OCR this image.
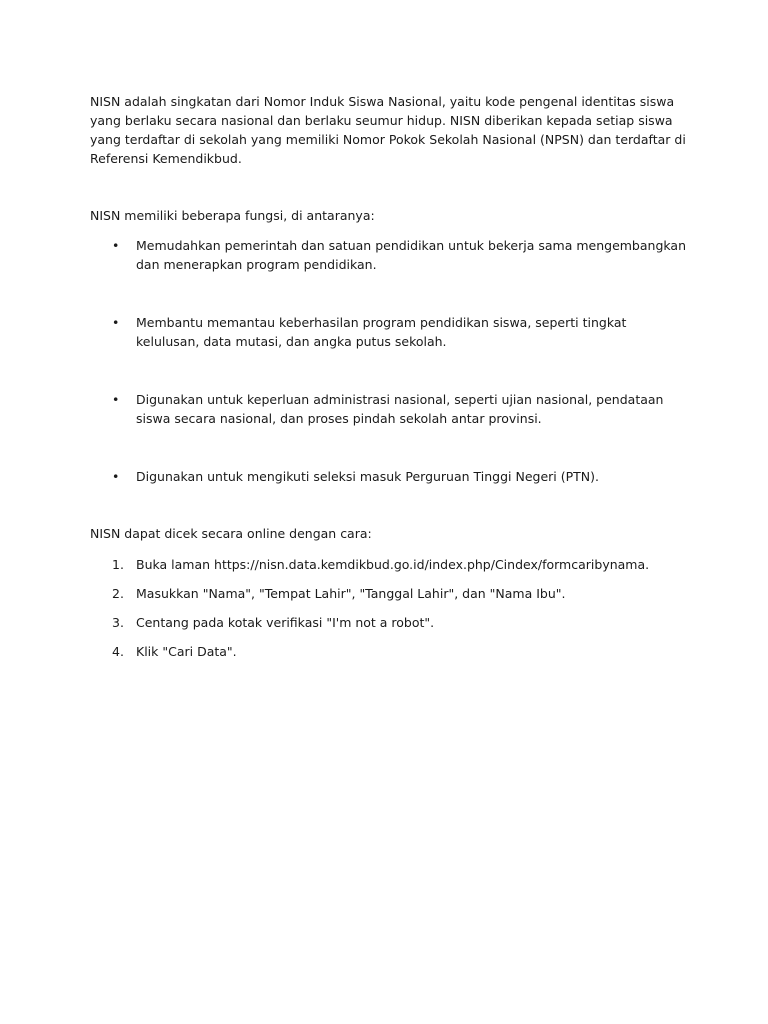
NISN adalah singkatan dari Nomor Induk Siswa Nasional, yaitu kode pengenal identitas siswa yang berlaku secara nasional dan berlaku seumur hidup. NISN diberikan kepada setiap siswa yang terdaftar di sekolah yang memiliki Nomor Pokok Sekolah Nasional (NPSN) dan terdaftar di Referensi Kemendikbud.

NISN memiliki beberapa fungsi, di antaranya:

• Memudahkan pemerintah dan satuan pendidikan untuk bekerja sama mengembangkan dan menerapkan program pendidikan.
• Membantu memantau keberhasilan program pendidikan siswa, seperti tingkat kelulusan, data mutasi, dan angka putus sekolah.
• Digunakan untuk keperluan administrasi nasional, seperti ujian nasional, pendataan siswa secara nasional, dan proses pindah sekolah antar provinsi.
• Digunakan untuk mengikuti seleksi masuk Perguruan Tinggi Negeri (PTN).

NISN dapat dicek secara online dengan cara:

1. Buka laman https://nisn.data.kemdikbud.go.id/index.php/Cindex/formcaribynama.
2. Masukkan "Nama", "Tempat Lahir", "Tanggal Lahir", dan "Nama Ibu".
3. Centang pada kotak verifikasi "I'm not a robot".
4. Klik "Cari Data".
